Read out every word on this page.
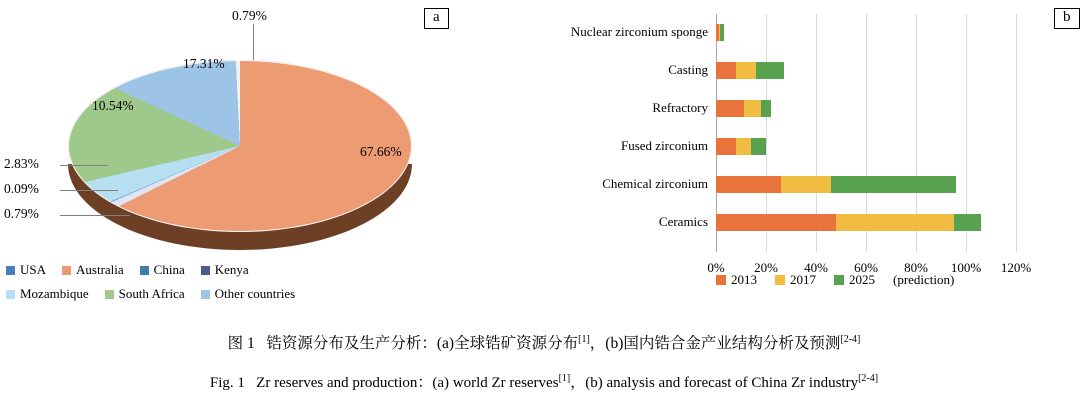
a
0.79%
67.66%
17.31%
10.54%
2.83%
0.09%
0.79%
USA Australia China Kenya
Mozambique South Africa Other countries
b
Nuclear zirconium sponge
Casting
Refractory
Fused zirconium
Chemical zirconium
Ceramics
0% 20% 40% 60% 80% 100% 120%
2013	2017	2025 (prediction)
图 1 锆资源分布及生产分析：(a)全球锆矿资源分布[1]，(b)国内锆合金产业结构分析及预测[2-4]
Fig. 1 Zr reserves and production：(a) world Zr reserves[1]，(b) analysis and forecast of China Zr industry[2-4]
